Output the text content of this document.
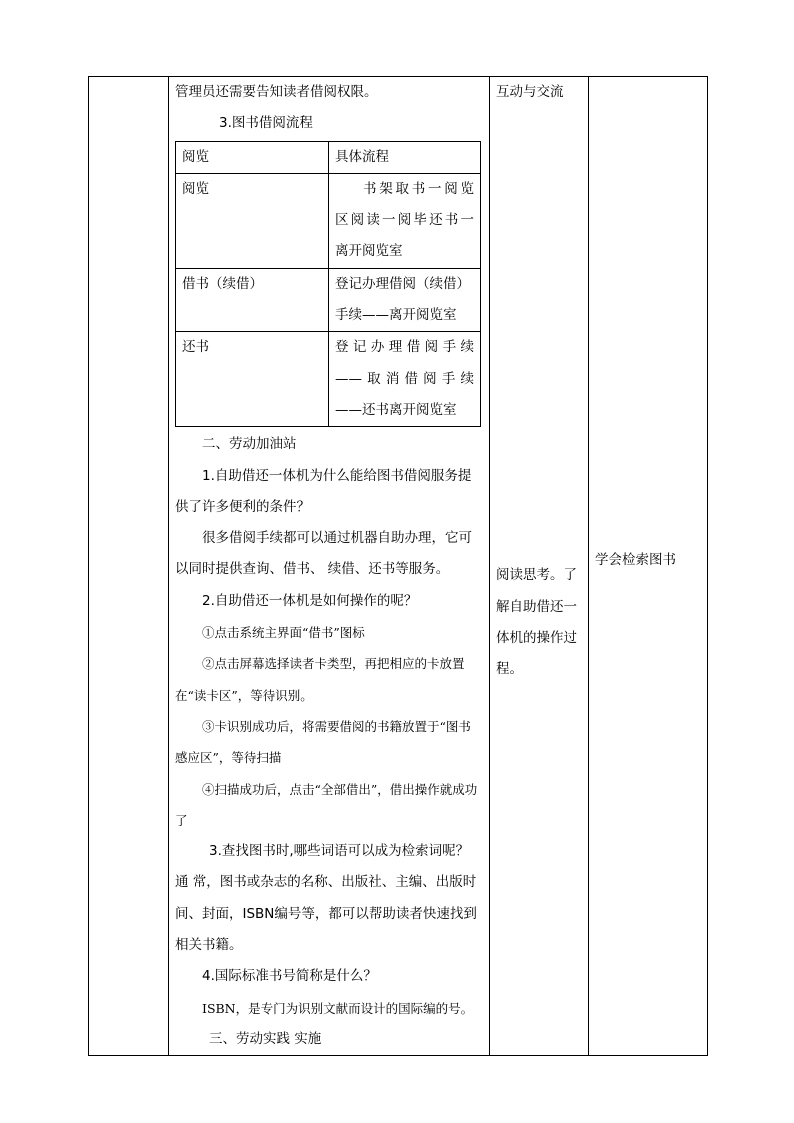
管理员还需要告知读者借阅权限。

3.图书借阅流程

阅览	具体流程
阅览	书架取书一阅览
区阅读一阅毕还书一
离开阅览室

借书（续借）	登记办理借阅（续借）
手续——离开阅览室

还书	登记办理借阅手续
——取消借阅手续
——还书离开阅览室

二、劳动加油站

1.自助借还一体机为什么能给图书借阅服务提供了许多便利的条件？

很多借阅手续都可以通过机器自助办理，它可以同时提供查询、借书、 续借、还书等服务。

2.自助借还一体机是如何操作的呢？

①点击系统主界面“借书”图标

②点击屏幕选择读者卡类型，再把相应的卡放置在“读卡区”，等待识别。

③卡识别成功后，将需要借阅的书籍放置于“图书感应区”，等待扫描

④扫描成功后，点击“全部借出”，借出操作就成功了

3.查找图书时,哪些词语可以成为检索词呢？

通 常，图书或杂志的名称、出版社、主编、出版时间、封面，ISBN编号等，都可以帮助读者快速找到相关书籍。

4.国际标准书号简称是什么？

ISBN，是专门为识别文献而设计的国际编的号。

三、劳动实践 实施

互动与交流
阅读思考。了解自助借还一体机的操作过程。

学会检索图书
